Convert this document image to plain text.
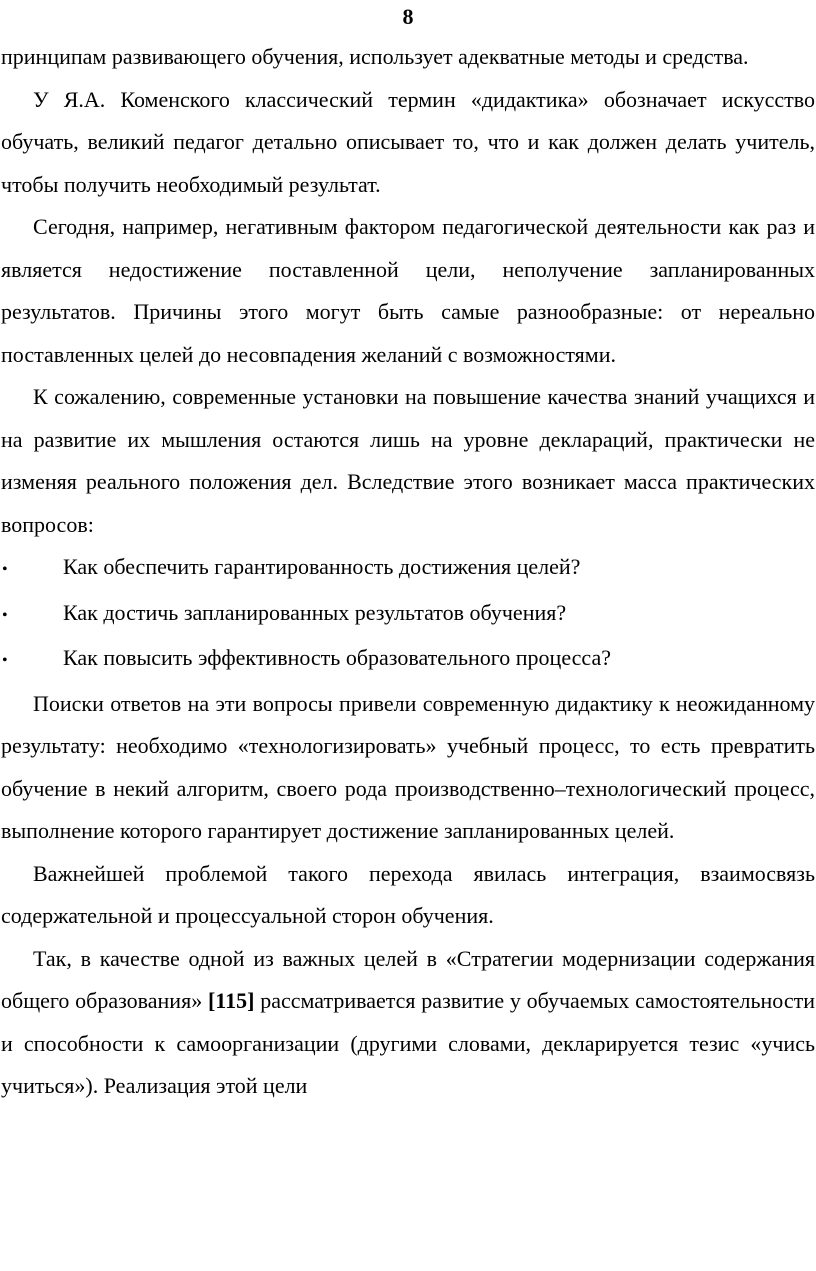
8

принципам развивающего обучения, использует адекватные методы и средства.

У Я.А. Коменского классический термин «дидактика» обозначает искусство обучать, великий педагог детально описывает то, что и как должен делать учитель, чтобы получить необходимый результат.

Сегодня, например, негативным фактором педагогической деятельности как раз и является недостижение поставленной цели, неполучение запланированных результатов. Причины этого могут быть самые разнообразные: от нереально поставленных целей до несовпадения желаний с возможностями.

К сожалению, современные установки на повышение качества знаний учащихся и на развитие их мышления остаются лишь на уровне деклараций, практически не изменяя реального положения дел. Вследствие этого возникает масса практических вопросов:

•	Как обеспечить гарантированность достижения целей?
•	Как достичь запланированных результатов обучения?
•	Как повысить эффективность образовательного процесса?

Поиски ответов на эти вопросы привели современную дидактику к неожиданному результату: необходимо «технологизировать» учебный процесс, то есть превратить обучение в некий алгоритм, своего рода производственно–технологический процесс, выполнение которого гарантирует достижение запланированных целей.

Важнейшей проблемой такого перехода явилась интеграция, взаимосвязь содержательной и процессуальной сторон обучения.

Так, в качестве одной из важных целей в «Стратегии модернизации содержания общего образования» [115] рассматривается развитие у обучаемых самостоятельности и способности к самоорганизации (другими словами, декларируется тезис «учись учиться»). Реализация этой цели
